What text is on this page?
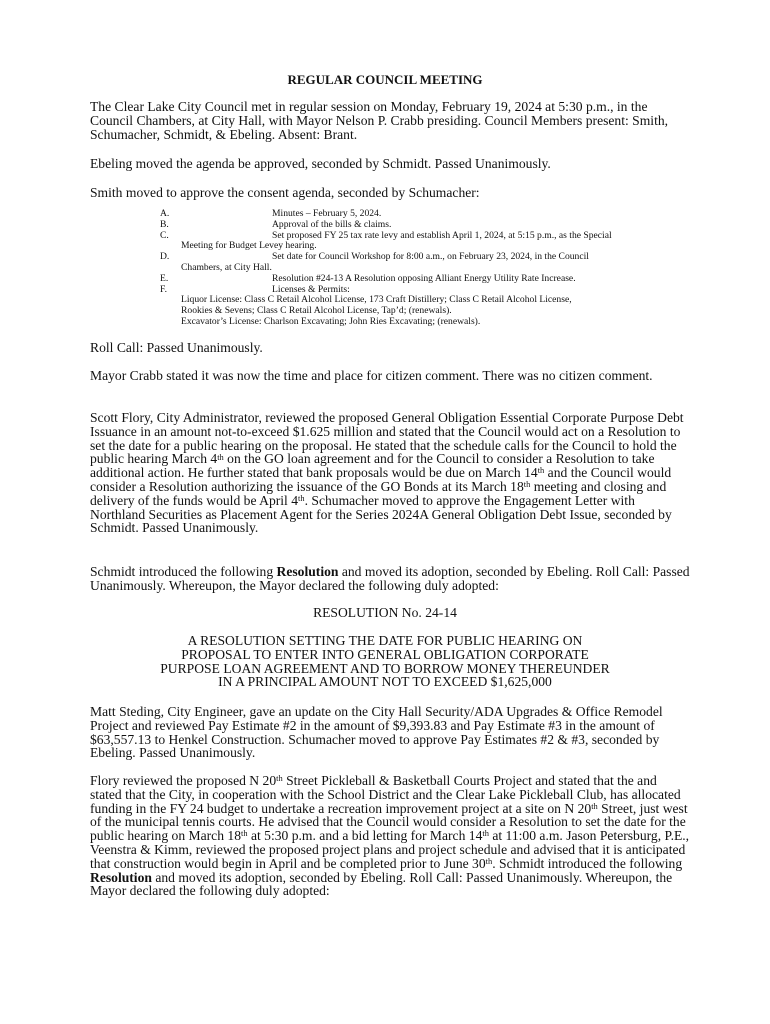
REGULAR COUNCIL MEETING

The Clear Lake City Council met in regular session on Monday, February 19, 2024 at 5:30 p.m., in the Council Chambers, at City Hall, with Mayor Nelson P. Crabb presiding. Council Members present: Smith, Schumacher, Schmidt, & Ebeling. Absent: Brant.

Ebeling moved the agenda be approved, seconded by Schmidt. Passed Unanimously.

Smith moved to approve the consent agenda, seconded by Schumacher:

A.	Minutes – February 5, 2024.
B.	Approval of the bills & claims.
C.	Set proposed FY 25 tax rate levy and establish April 1, 2024, at 5:15 p.m., as the Special
Meeting for Budget Levey hearing.
D.	Set date for Council Workshop for 8:00 a.m., on February 23, 2024, in the Council
Chambers, at City Hall.
E.	Resolution #24-13 A Resolution opposing Alliant Energy Utility Rate Increase.
F.	Licenses & Permits:
Liquor License: Class C Retail Alcohol License, 173 Craft Distillery; Class C Retail Alcohol License,
Rookies & Sevens; Class C Retail Alcohol License, Tap’d; (renewals).
Excavator’s License: Charlson Excavating; John Ries Excavating; (renewals).

Roll Call: Passed Unanimously.

Mayor Crabb stated it was now the time and place for citizen comment. There was no citizen comment.

Scott Flory, City Administrator, reviewed the proposed General Obligation Essential Corporate Purpose Debt Issuance in an amount not-to-exceed $1.625 million and stated that the Council would act on a Resolution to set the date for a public hearing on the proposal. He stated that the schedule calls for the Council to hold the public hearing March 4th on the GO loan agreement and for the Council to consider a Resolution to take additional action. He further stated that bank proposals would be due on March 14th and the Council would consider a Resolution authorizing the issuance of the GO Bonds at its March 18th meeting and closing and delivery of the funds would be April 4th. Schumacher moved to approve the Engagement Letter with Northland Securities as Placement Agent for the Series 2024A General Obligation Debt Issue, seconded by Schmidt. Passed Unanimously.

Schmidt introduced the following Resolution and moved its adoption, seconded by Ebeling. Roll Call: Passed Unanimously. Whereupon, the Mayor declared the following duly adopted:

RESOLUTION No. 24-14

A RESOLUTION SETTING THE DATE FOR PUBLIC HEARING ON
PROPOSAL TO ENTER INTO GENERAL OBLIGATION CORPORATE
PURPOSE LOAN AGREEMENT AND TO BORROW MONEY THEREUNDER
IN A PRINCIPAL AMOUNT NOT TO EXCEED $1,625,000

Matt Steding, City Engineer, gave an update on the City Hall Security/ADA Upgrades & Office Remodel Project and reviewed Pay Estimate #2 in the amount of $9,393.83 and Pay Estimate #3 in the amount of $63,557.13 to Henkel Construction. Schumacher moved to approve Pay Estimates #2 & #3, seconded by Ebeling. Passed Unanimously.

Flory reviewed the proposed N 20th Street Pickleball & Basketball Courts Project and stated that the and stated that the City, in cooperation with the School District and the Clear Lake Pickleball Club, has allocated funding in the FY 24 budget to undertake a recreation improvement project at a site on N 20th Street, just west of the municipal tennis courts. He advised that the Council would consider a Resolution to set the date for the public hearing on March 18th at 5:30 p.m. and a bid letting for March 14th at 11:00 a.m. Jason Petersburg, P.E., Veenstra & Kimm, reviewed the proposed project plans and project schedule and advised that it is anticipated that construction would begin in April and be completed prior to June 30th. Schmidt introduced the following Resolution and moved its adoption, seconded by Ebeling. Roll Call: Passed Unanimously. Whereupon, the Mayor declared the following duly adopted:
